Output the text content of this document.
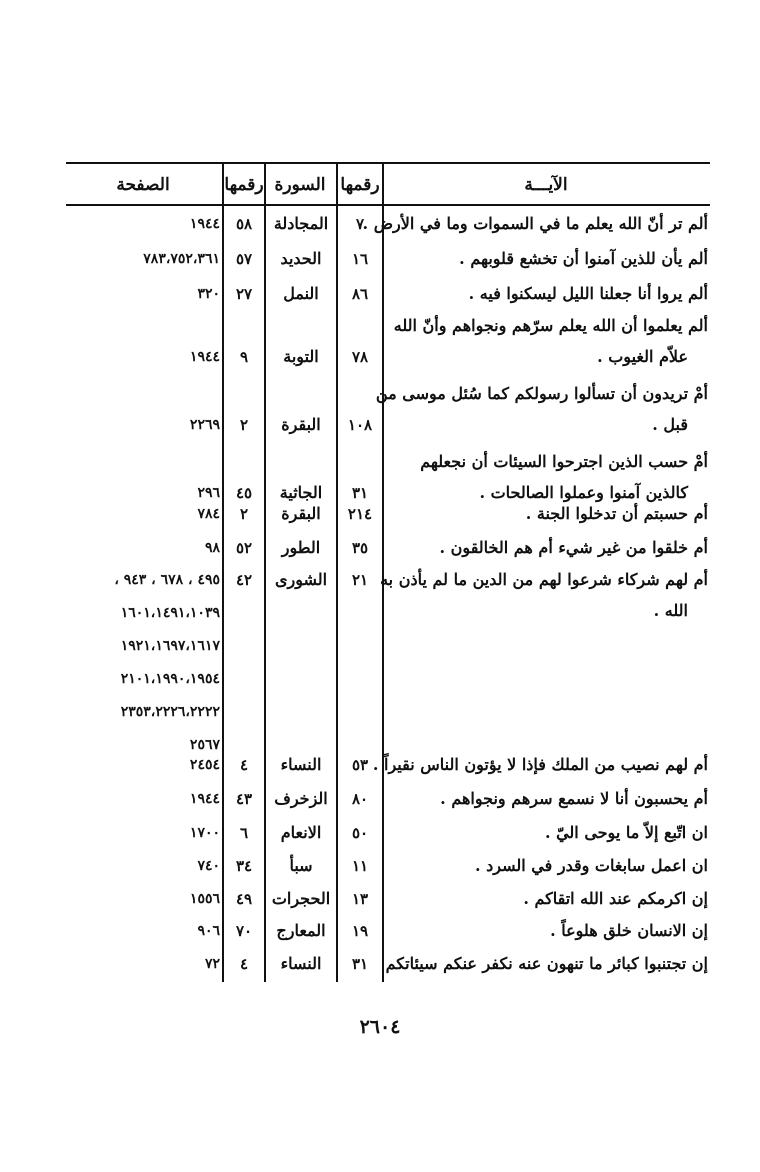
الآيـــة
رقمها
السورة
رقمها
الصفحة
ألم تر أنّ الله يعلم ما في السموات وما في الأرض .
٧
المجادلة
٥٨
١٩٤٤
ألم يأن للذين آمنوا أن تخشع قلوبهم .
١٦
الحديد
٥٧
٧٨٣،٧٥٢،٣٦١
ألم يروا أنا جعلنا الليل ليسكنوا فيه .
٨٦
النمل
٢٧
٣٢٠
ألم يعلموا أن الله يعلم سرّهم ونجواهم وأنّ الله
علاّم الغيوب .
٧٨
التوبة
٩
١٩٤٤
أمْ تريدون أن تسألوا رسولكم كما سُئل موسى من
قبل .
١٠٨
البقرة
٢
٢٢٦٩
أمْ حسب الذين اجترحوا السيئات أن نجعلهم
كالذين آمنوا وعملوا الصالحات .
٣١
الجاثية
٤٥
٢٩٦
أم حسبتم أن تدخلوا الجنة .
٢١٤
البقرة
٢
٧٨٤
أم خلقوا من غير شيء أم هم الخالقون .
٣٥
الطور
٥٢
٩٨
أم لهم شركاء شرعوا لهم من الدين ما لم يأذن به
الله .
٢١
الشورى
٤٢
٤٩٥ ، ٦٧٨ ، ٩٤٣ ،
١٦٠١،١٤٩١،١٠٣٩
١٩٢١،١٦٩٧،١٦١٧
٢١٠١،١٩٩٠،١٩٥٤
٢٣٥٣،٢٢٢٦،٢٢٢٢
٢٥٦٧
أم لهم نصيب من الملك فإذا لا يؤتون الناس نقيراً .
٥٣
النساء
٤
٢٤٥٤
أم يحسبون أنا لا نسمع سرهم ونجواهم .
٨٠
الزخرف
٤٣
١٩٤٤
ان اتّبع إلاّ ما يوحى اليّ .
٥٠
الانعام
٦
١٧٠٠
ان اعمل سابغات وقدر في السرد .
١١
سبأ
٣٤
٧٤٠
إن اكرمكم عند الله اتقاكم .
١٣
الحجرات
٤٩
١٥٥٦
إن الانسان خلق هلوعاً .
١٩
المعارج
٧٠
٩٠٦
إن تجتنبوا كبائر ما تنهون عنه نكفر عنكم سيئاتكم
٣١
النساء
٤
٧٢
٢٦٠٤
